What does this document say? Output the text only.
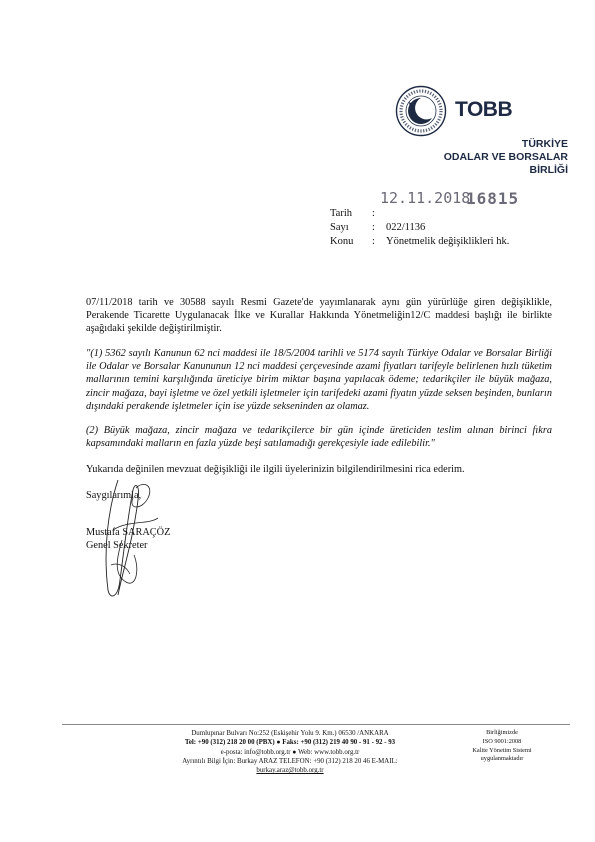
TOBB
TÜRKİYE
ODALAR VE BORSALAR
BİRLİĞİ
12.11.2018
16815
Tarih :
Sayı : 022/1136
Konu : Yönetmelik değişiklikleri hk.
07/11/2018 tarih ve 30588 sayılı Resmi Gazete'de yayımlanarak aynı gün yürürlüğe giren değişiklikle, Perakende Ticarette Uygulanacak İlke ve Kurallar Hakkında Yönetmeliğin12/C maddesi başlığı ile birlikte aşağıdaki şekilde değiştirilmiştir.
"(1) 5362 sayılı Kanunun 62 nci maddesi ile 18/5/2004 tarihli ve 5174 sayılı Türkiye Odalar ve Borsalar Birliği ile Odalar ve Borsalar Kanununun 12 nci maddesi çerçevesinde azami fiyatları tarifeyle belirlenen hızlı tüketim mallarının temini karşılığında üreticiye birim miktar başına yapılacak ödeme; tedarikçiler ile büyük mağaza, zincir mağaza, bayi işletme ve özel yetkili işletmeler için tarifedeki azami fiyatın yüzde seksen beşinden, bunların dışındaki perakende işletmeler için ise yüzde sekseninden az olamaz.
(2) Büyük mağaza, zincir mağaza ve tedarikçilerce bir gün içinde üreticiden teslim alınan birinci fıkra kapsamındaki malların en fazla yüzde beşi satılamadığı gerekçesiyle iade edilebilir."
Yukarıda değinilen mevzuat değişikliği ile ilgili üyelerinizin bilgilendirilmesini rica ederim.
Saygılarımla,
Mustafa SARAÇÖZ
Genel Sekreter
Dumlupınar Bulvarı No:252 (Eskişehir Yolu 9. Km.) 06530 /ANKARA
Tel: +90 (312) 218 20 00 (PBX) ● Faks: +90 (312) 219 40 90 - 91 - 92 - 93
e-posta: info@tobb.org.tr ● Web: www.tobb.org.tr
Ayrıntılı Bilgi İçin: Burkay ARAZ TELEFON: +90 (312) 218 20 46 E-MAIL:
burkay.araz@tobb.org.tr
Birliğimizde
ISO 9001:2008
Kalite Yönetim Sistemi
uygulanmaktadır
